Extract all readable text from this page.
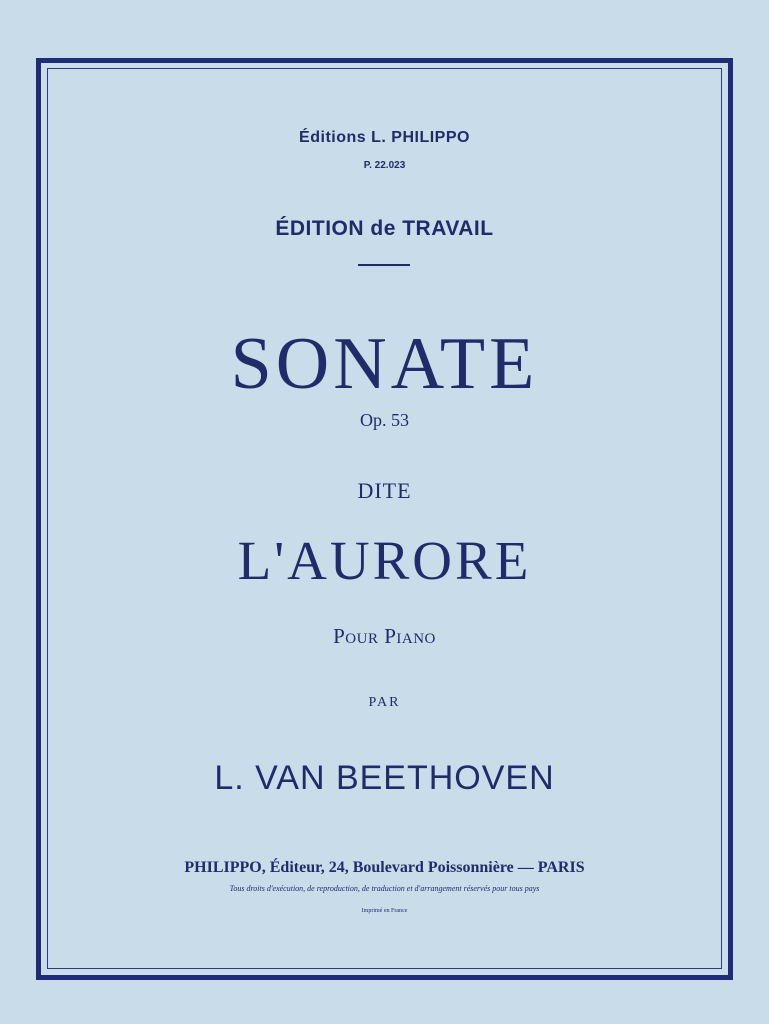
Éditions L. PHILIPPO
P. 22.023
ÉDITION de TRAVAIL
SONATE
Op. 53
DITE
L'AURORE
Pour Piano
PAR
L. VAN BEETHOVEN
PHILIPPO, Éditeur, 24, Boulevard Poissonnière — PARIS
Tous droits d'exécution, de reproduction, de traduction et d'arrangement réservés pour tous pays
Imprimé en France
